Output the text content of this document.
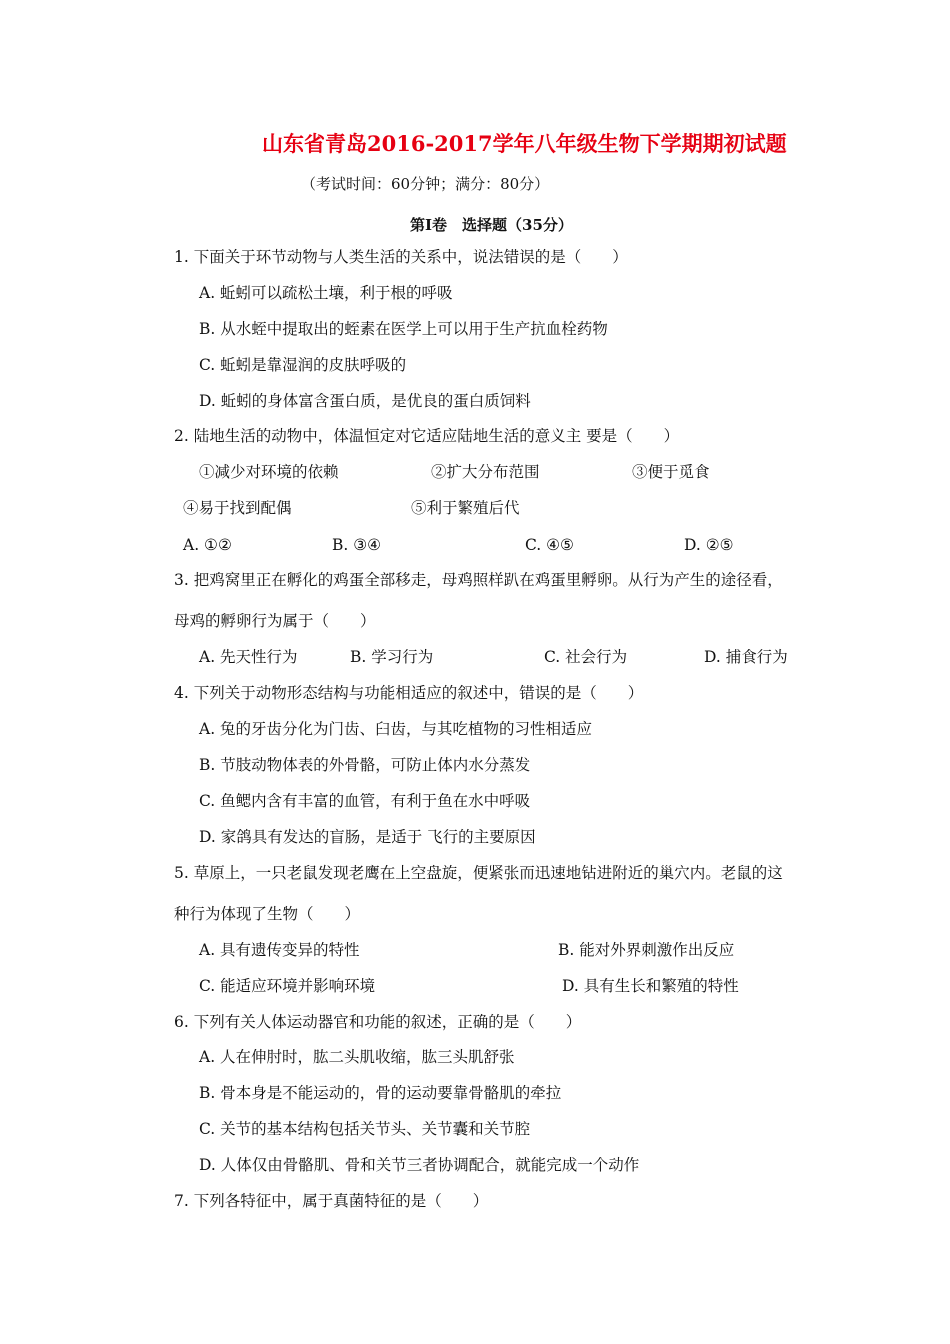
山东省青岛2016-2017学年八年级生物下学期期初试题
（考试时间：60分钟；满分：80分）
第Ⅰ卷　选择题（35分）
1. 下面关于环节动物与人类生活的关系中，说法错误的是（　　）
A. 蚯蚓可以疏松土壤，利于根的呼吸
B. 从水蛭中提取出的蛭素在医学上可以用于生产抗血栓药物
C. 蚯蚓是靠湿润的皮肤呼吸的
D. 蚯蚓的身体富含蛋白质，是优良的蛋白质饲料
2. 陆地生活的动物中，体温恒定对它适应陆地生活的意义主 要是（　　）
①减少对环境的依赖	②扩大分布范围	③便于觅食
④易于找到配偶	⑤利于繁殖后代
A. ①②	B. ③④	C. ④⑤	D. ②⑤
3. 把鸡窝里正在孵化的鸡蛋全部移走，母鸡照样趴在鸡蛋里孵卵。从行为产生的途径看，
母鸡的孵卵行为属于（　　）
A. 先天性行为	B. 学习行为	C. 社会行为	D. 捕食行为
4. 下列关于动物形态结构与功能相适应的叙述中，错误的是（　　）
A. 兔的牙齿分化为门齿、臼齿，与其吃植物的习性相适应
B. 节肢动物体表的外骨骼，可防止体内水分蒸发
C. 鱼鳃内含有丰富的血管，有利于鱼在水中呼吸
D. 家鸽具有发达的盲肠，是适于 飞行的主要原因
5. 草原上，一只老鼠发现老鹰在上空盘旋，便紧张而迅速地钻进附近的巢穴内。老鼠的这
种行为体现了生物（　　）
A. 具有遗传变异的特性	B. 能对外界刺激作出反应
C. 能适应环境并影响环境	D. 具有生长和繁殖的特性
6. 下列有关人体运动器官和功能的叙述，正确的是（　　）
A. 人在伸肘时，肱二头肌收缩，肱三头肌舒张
B. 骨本身是不能运动的，骨的运动要靠骨骼肌的牵拉
C. 关节的基本结构包括关节头、关节囊和关节腔
D. 人体仅由骨骼肌、骨和关节三者协调配合，就能完成一个动作
7. 下列各特征中，属于真菌特征的是（　　）
